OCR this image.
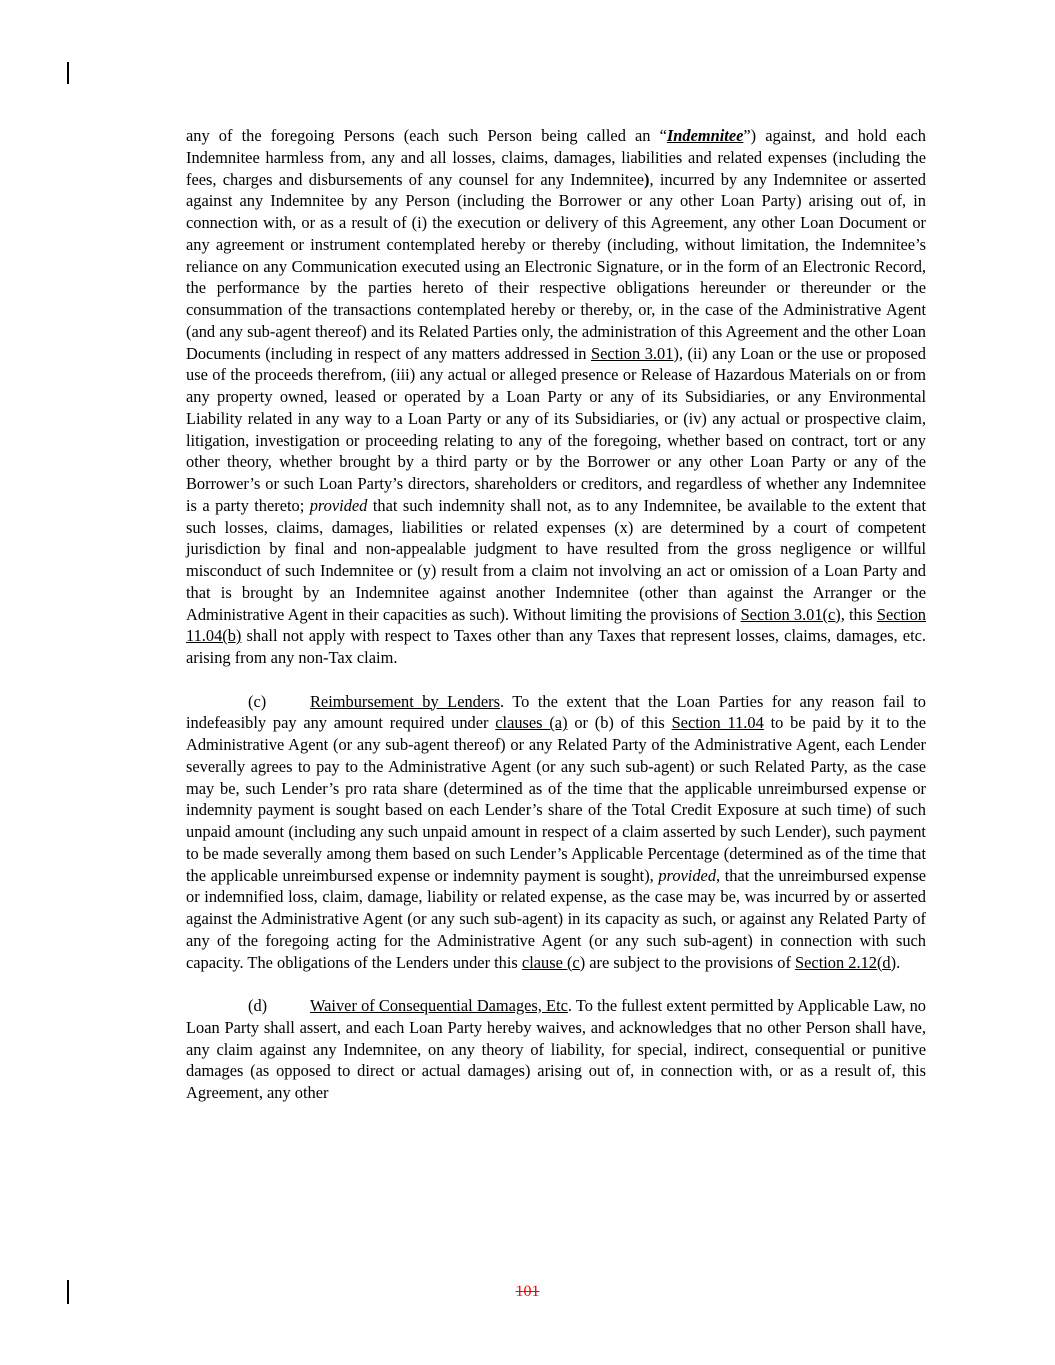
any of the foregoing Persons (each such Person being called an “Indemnitee”) against, and hold each Indemnitee harmless from, any and all losses, claims, damages, liabilities and related expenses (including the fees, charges and disbursements of any counsel for any Indemnitee), incurred by any Indemnitee or asserted against any Indemnitee by any Person (including the Borrower or any other Loan Party) arising out of, in connection with, or as a result of (i) the execution or delivery of this Agreement, any other Loan Document or any agreement or instrument contemplated hereby or thereby (including, without limitation, the Indemnitee’s reliance on any Communication executed using an Electronic Signature, or in the form of an Electronic Record, the performance by the parties hereto of their respective obligations hereunder or thereunder or the consummation of the transactions contemplated hereby or thereby, or, in the case of the Administrative Agent (and any sub-agent thereof) and its Related Parties only, the administration of this Agreement and the other Loan Documents (including in respect of any matters addressed in Section 3.01), (ii) any Loan or the use or proposed use of the proceeds therefrom, (iii) any actual or alleged presence or Release of Hazardous Materials on or from any property owned, leased or operated by a Loan Party or any of its Subsidiaries, or any Environmental Liability related in any way to a Loan Party or any of its Subsidiaries, or (iv) any actual or prospective claim, litigation, investigation or proceeding relating to any of the foregoing, whether based on contract, tort or any other theory, whether brought by a third party or by the Borrower or any other Loan Party or any of the Borrower’s or such Loan Party’s directors, shareholders or creditors, and regardless of whether any Indemnitee is a party thereto; provided that such indemnity shall not, as to any Indemnitee, be available to the extent that such losses, claims, damages, liabilities or related expenses (x) are determined by a court of competent jurisdiction by final and non-appealable judgment to have resulted from the gross negligence or willful misconduct of such Indemnitee or (y) result from a claim not involving an act or omission of a Loan Party and that is brought by an Indemnitee against another Indemnitee (other than against the Arranger or the Administrative Agent in their capacities as such). Without limiting the provisions of Section 3.01(c), this Section 11.04(b) shall not apply with respect to Taxes other than any Taxes that represent losses, claims, damages, etc. arising from any non-Tax claim.

(c)	Reimbursement by Lenders. To the extent that the Loan Parties for any reason fail to indefeasibly pay any amount required under clauses (a) or (b) of this Section 11.04 to be paid by it to the Administrative Agent (or any sub-agent thereof) or any Related Party of the Administrative Agent, each Lender severally agrees to pay to the Administrative Agent (or any such sub-agent) or such Related Party, as the case may be, such Lender’s pro rata share (determined as of the time that the applicable unreimbursed expense or indemnity payment is sought based on each Lender’s share of the Total Credit Exposure at such time) of such unpaid amount (including any such unpaid amount in respect of a claim asserted by such Lender), such payment to be made severally among them based on such Lender’s Applicable Percentage (determined as of the time that the applicable unreimbursed expense or indemnity payment is sought), provided, that the unreimbursed expense or indemnified loss, claim, damage, liability or related expense, as the case may be, was incurred by or asserted against the Administrative Agent (or any such sub-agent) in its capacity as such, or against any Related Party of any of the foregoing acting for the Administrative Agent (or any such sub-agent) in connection with such capacity. The obligations of the Lenders under this clause (c) are subject to the provisions of Section 2.12(d).

(d)	Waiver of Consequential Damages, Etc. To the fullest extent permitted by Applicable Law, no Loan Party shall assert, and each Loan Party hereby waives, and acknowledges that no other Person shall have, any claim against any Indemnitee, on any theory of liability, for special, indirect, consequential or punitive damages (as opposed to direct or actual damages) arising out of, in connection with, or as a result of, this Agreement, any other

101
